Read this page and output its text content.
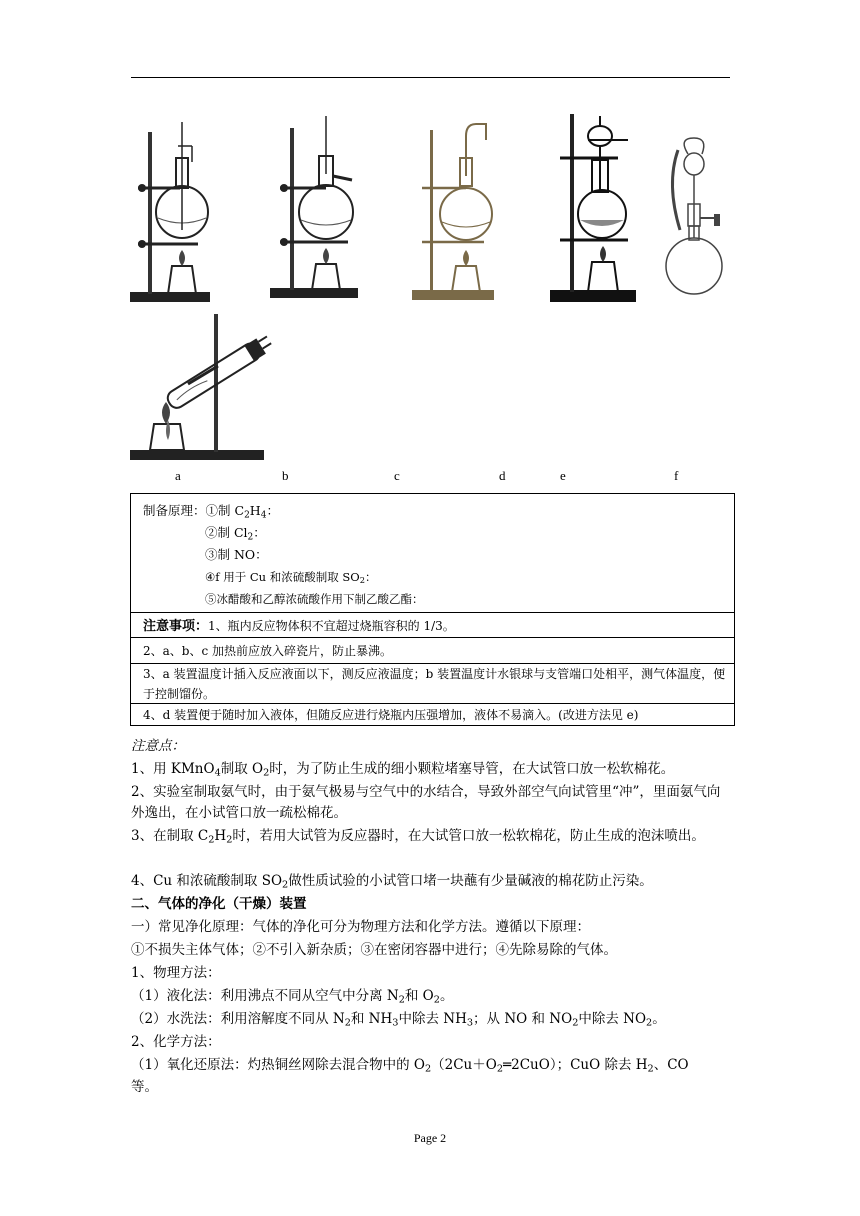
a	b	c	d	e	f
制备原理：①制 $C_2H_4$：
②制 $Cl_2$：
③制 NO：
④f 用于 Cu 和浓硫酸制取 $SO_2$：
⑤冰醋酸和乙醇浓硫酸作用下制乙酸乙酯：
注意事项：1、瓶内反应物体积不宜超过烧瓶容积的 1/3。
2、a、b、c 加热前应放入碎瓷片，防止暴沸。
3、a 装置温度计插入反应液面以下，测反应液温度；b 装置温度计水银球与支管端口处相平，测气体温度，便于控制馏份。
4、d 装置便于随时加入液体，但随反应进行烧瓶内压强增加，液体不易滴入。(改进方法见 e)
注意点：
1、用 KMnO$_4$制取 $O_2$时，为了防止生成的细小颗粒堵塞导管，在大试管口放一松软棉花。
2、实验室制取氨气时，由于氨气极易与空气中的水结合，导致外部空气向试管里“冲”，里面氨气向外逸出，在小试管口放一疏松棉花。
3、在制取 $C_2H_2$时，若用大试管为反应器时，在大试管口放一松软棉花，防止生成的泡沫喷出。
4、Cu 和浓硫酸制取 $SO_2$做性质试验的小试管口堵一块蘸有少量碱液的棉花防止污染。
二、气体的净化（干燥）装置
一）常见净化原理：气体的净化可分为物理方法和化学方法。遵循以下原理：
①不损失主体气体；②不引入新杂质；③在密闭容器中进行；④先除易除的气体。
1、物理方法：
（1）液化法：利用沸点不同从空气中分离 $N_2$和 $O_2$。
（2）水洗法：利用溶解度不同从 $N_2$和 $NH_3$中除去 $NH_3$；从 NO 和 $NO_2$中除去 $NO_2$。
2、化学方法：
（1）氧化还原法：灼热铜丝网除去混合物中的 $O_2(2Cu+O_2═2CuO)$；CuO 除去 $H_2$、CO
等。
Page 2
